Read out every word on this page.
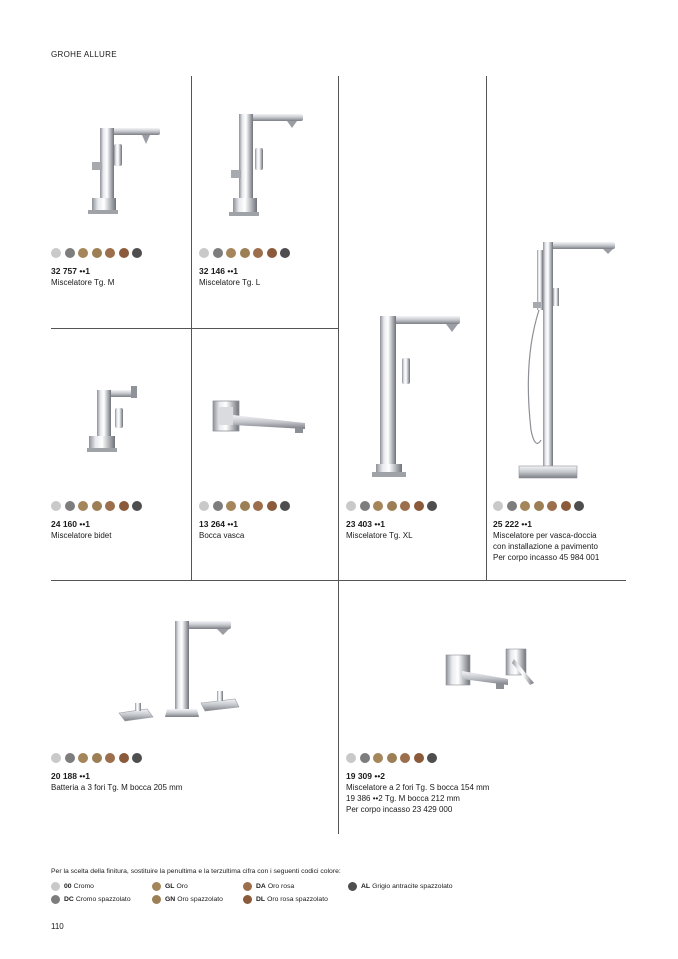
GROHE ALLURE
32 757 ••1
Miscelatore Tg. M
32 146 ••1
Miscelatore Tg. L
24 160 ••1
Miscelatore bidet
13 264 ••1
Bocca vasca
23 403 ••1
Miscelatore Tg. XL
25 222 ••1
Miscelatore per vasca-doccia
con installazione a pavimento
Per corpo incasso 45 984 001
20 188 ••1
Batteria a 3 fori Tg. M bocca 205 mm
19 309 ••2
Miscelatore a 2 fori Tg. S bocca 154 mm
19 386 ••2 Tg. M bocca 212 mm
Per corpo incasso 23 429 000
Per la scelta della finitura, sostituire la penultima e la terzultima cifra con i seguenti codici colore:
00 Cromo
DC Cromo spazzolato
GL Oro
GN Oro spazzolato
DA Oro rosa
DL Oro rosa spazzolato
AL Grigio antracite spazzolato
110
